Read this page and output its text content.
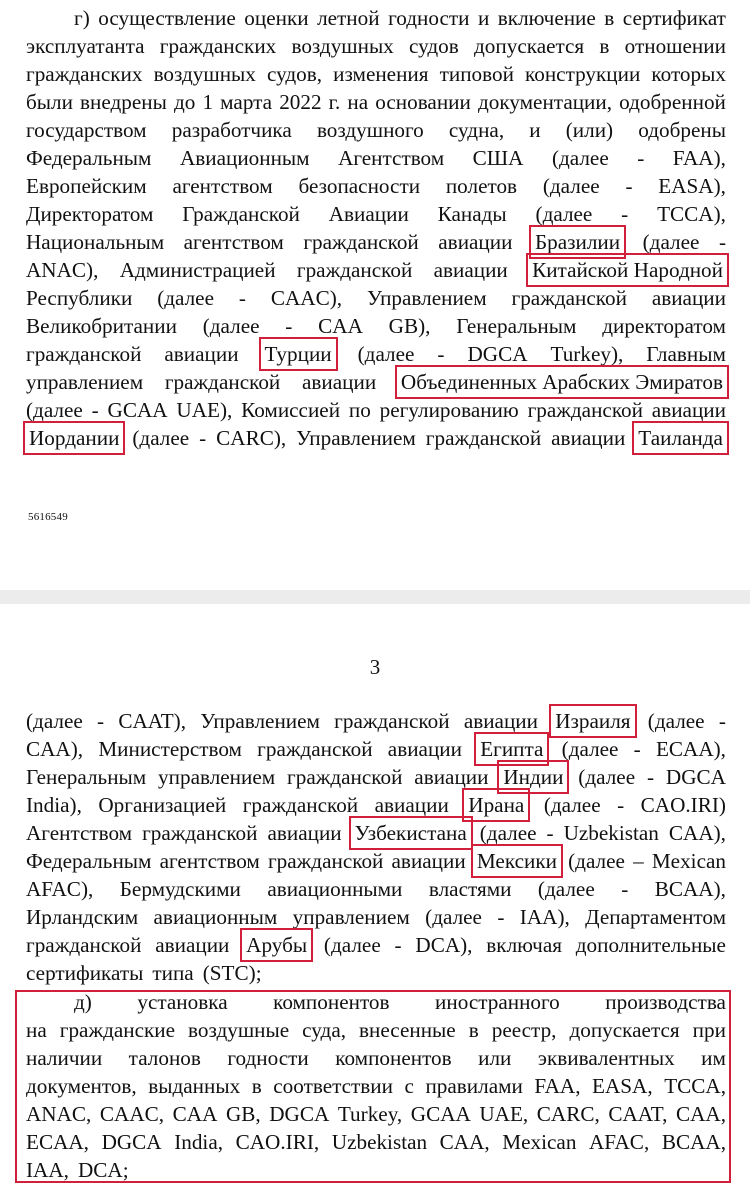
г) осуществление оценки летной годности и включение в сертификат
эксплуатанта гражданских воздушных судов допускается в отношении
гражданских воздушных судов, изменения типовой конструкции которых
были внедрены до 1 марта 2022 г. на основании документации, одобренной
государством разработчика воздушного судна, и (или) одобрены
Федеральным Авиационным Агентством США (далее - FAA),
Европейским агентством безопасности полетов (далее - EASA),
Директоратом Гражданской Авиации Канады (далее - TCCA),
Национальным агентством гражданской авиации Бразилии (далее -
ANAC), Администрацией гражданской авиации Китайской Народной
Республики (далее - CAAC), Управлением гражданской авиации
Великобритании (далее - CAA GB), Генеральным директоратом
гражданской авиации Турции (далее - DGCA Turkey), Главным
управлением гражданской авиации Объединенных Арабских Эмиратов
(далее - GCAA UAE), Комиссией по регулированию гражданской авиации
Иордании (далее - CARC), Управлением гражданской авиации Таиланда
(далее - CAAT), Управлением гражданской авиации Израиля (далее -
CAA), Министерством гражданской авиации Египта (далее - ECAA),
Генеральным управлением гражданской авиации Индии (далее - DGCA
India), Организацией гражданской авиации Ирана (далее - CAO.IRI)
Агентством гражданской авиации Узбекистана (далее - Uzbekistan CAA),
Федеральным агентством гражданской авиации Мексики (далее – Mexican
AFAC), Бермудскими авиационными властями (далее - BCAA),
Ирландским авиационным управлением (далее - IAA), Департаментом
гражданской авиации Арубы (далее - DCA), включая дополнительные
сертификаты типа (STC);
д) установка компонентов иностранного производства
на гражданские воздушные суда, внесенные в реестр, допускается при
наличии талонов годности компонентов или эквивалентных им
документов, выданных в соответствии с правилами FAA, EASA, TCCA,
ANAC, CAAC, CAA GB, DGCA Turkey, GCAA UAE, CARC, CAAT, CAA,
ECAA, DGCA India, CAO.IRI, Uzbekistan CAA, Mexican AFAC, BCAA,
IAA, DCA;
5616549
3
